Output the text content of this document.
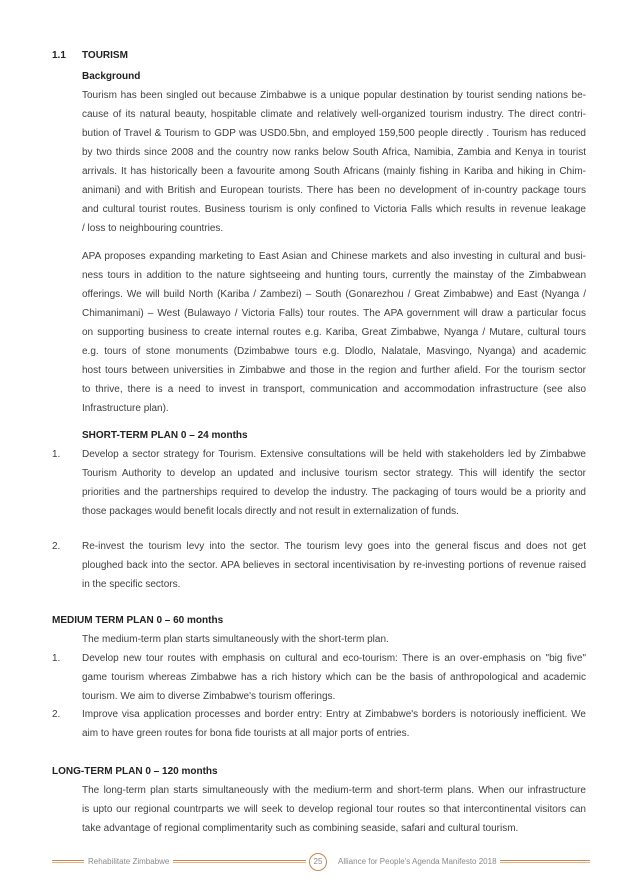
1.1 TOURISM
Background
Tourism has been singled out because Zimbabwe is a unique popular destination by tourist sending nations be-
cause of its natural beauty, hospitable climate and relatively well-organized tourism industry. The direct contri-
bution of Travel & Tourism to GDP was USD0.5bn, and employed 159,500 people directly . Tourism has reduced
by two thirds since 2008 and the country now ranks below South Africa, Namibia, Zambia and Kenya in tourist
arrivals. It has historically been a favourite among South Africans (mainly fishing in Kariba and hiking in Chim-
animani) and with British and European tourists. There has been no development of in-country package tours
and cultural tourist routes. Business tourism is only confined to Victoria Falls which results in revenue leakage
/ loss to neighbouring countries.
APA proposes expanding marketing to East Asian and Chinese markets and also investing in cultural and busi-
ness tours in addition to the nature sightseeing and hunting tours, currently the mainstay of the Zimbabwean
offerings. We will build North (Kariba / Zambezi) – South (Gonarezhou / Great Zimbabwe) and East (Nyanga /
Chimanimani) – West (Bulawayo / Victoria Falls) tour routes. The APA government will draw a particular focus
on supporting business to create internal routes e.g. Kariba, Great Zimbabwe, Nyanga / Mutare, cultural tours
e.g. tours of stone monuments (Dzimbabwe tours e.g. Dlodlo, Nalatale, Masvingo, Nyanga) and academic
host tours between universities in Zimbabwe and those in the region and further afield. For the tourism sector
to thrive, there is a need to invest in transport, communication and accommodation infrastructure (see also
Infrastructure plan).
SHORT-TERM PLAN 0 – 24 months
1. Develop a sector strategy for Tourism. Extensive consultations will be held with stakeholders led by Zimbabwe
Tourism Authority to develop an updated and inclusive tourism sector strategy. This will identify the sector
priorities and the partnerships required to develop the industry. The packaging of tours would be a priority and
those packages would benefit locals directly and not result in externalization of funds.
2. Re-invest the tourism levy into the sector. The tourism levy goes into the general fiscus and does not get
ploughed back into the sector. APA believes in sectoral incentivisation by re-investing portions of revenue raised
in the specific sectors.
MEDIUM TERM PLAN 0 – 60 months
The medium-term plan starts simultaneously with the short-term plan.
1. Develop new tour routes with emphasis on cultural and eco-tourism: There is an over-emphasis on "big five"
game tourism whereas Zimbabwe has a rich history which can be the basis of anthropological and academic
tourism. We aim to diverse Zimbabwe's tourism offerings.
2. Improve visa application processes and border entry: Entry at Zimbabwe's borders is notoriously inefficient. We
aim to have green routes for bona fide tourists at all major ports of entries.
LONG-TERM PLAN 0 – 120 months
The long-term plan starts simultaneously with the medium-term and short-term plans. When our infrastructure
is upto our regional countrparts we will seek to develop regional tour routes so that intercontinental visitors can
take advantage of regional complimentarity such as combining seaside, safari and cultural tourism.
Rehabilitate Zimbabwe	25	Alliance for People's Agenda Manifesto 2018
